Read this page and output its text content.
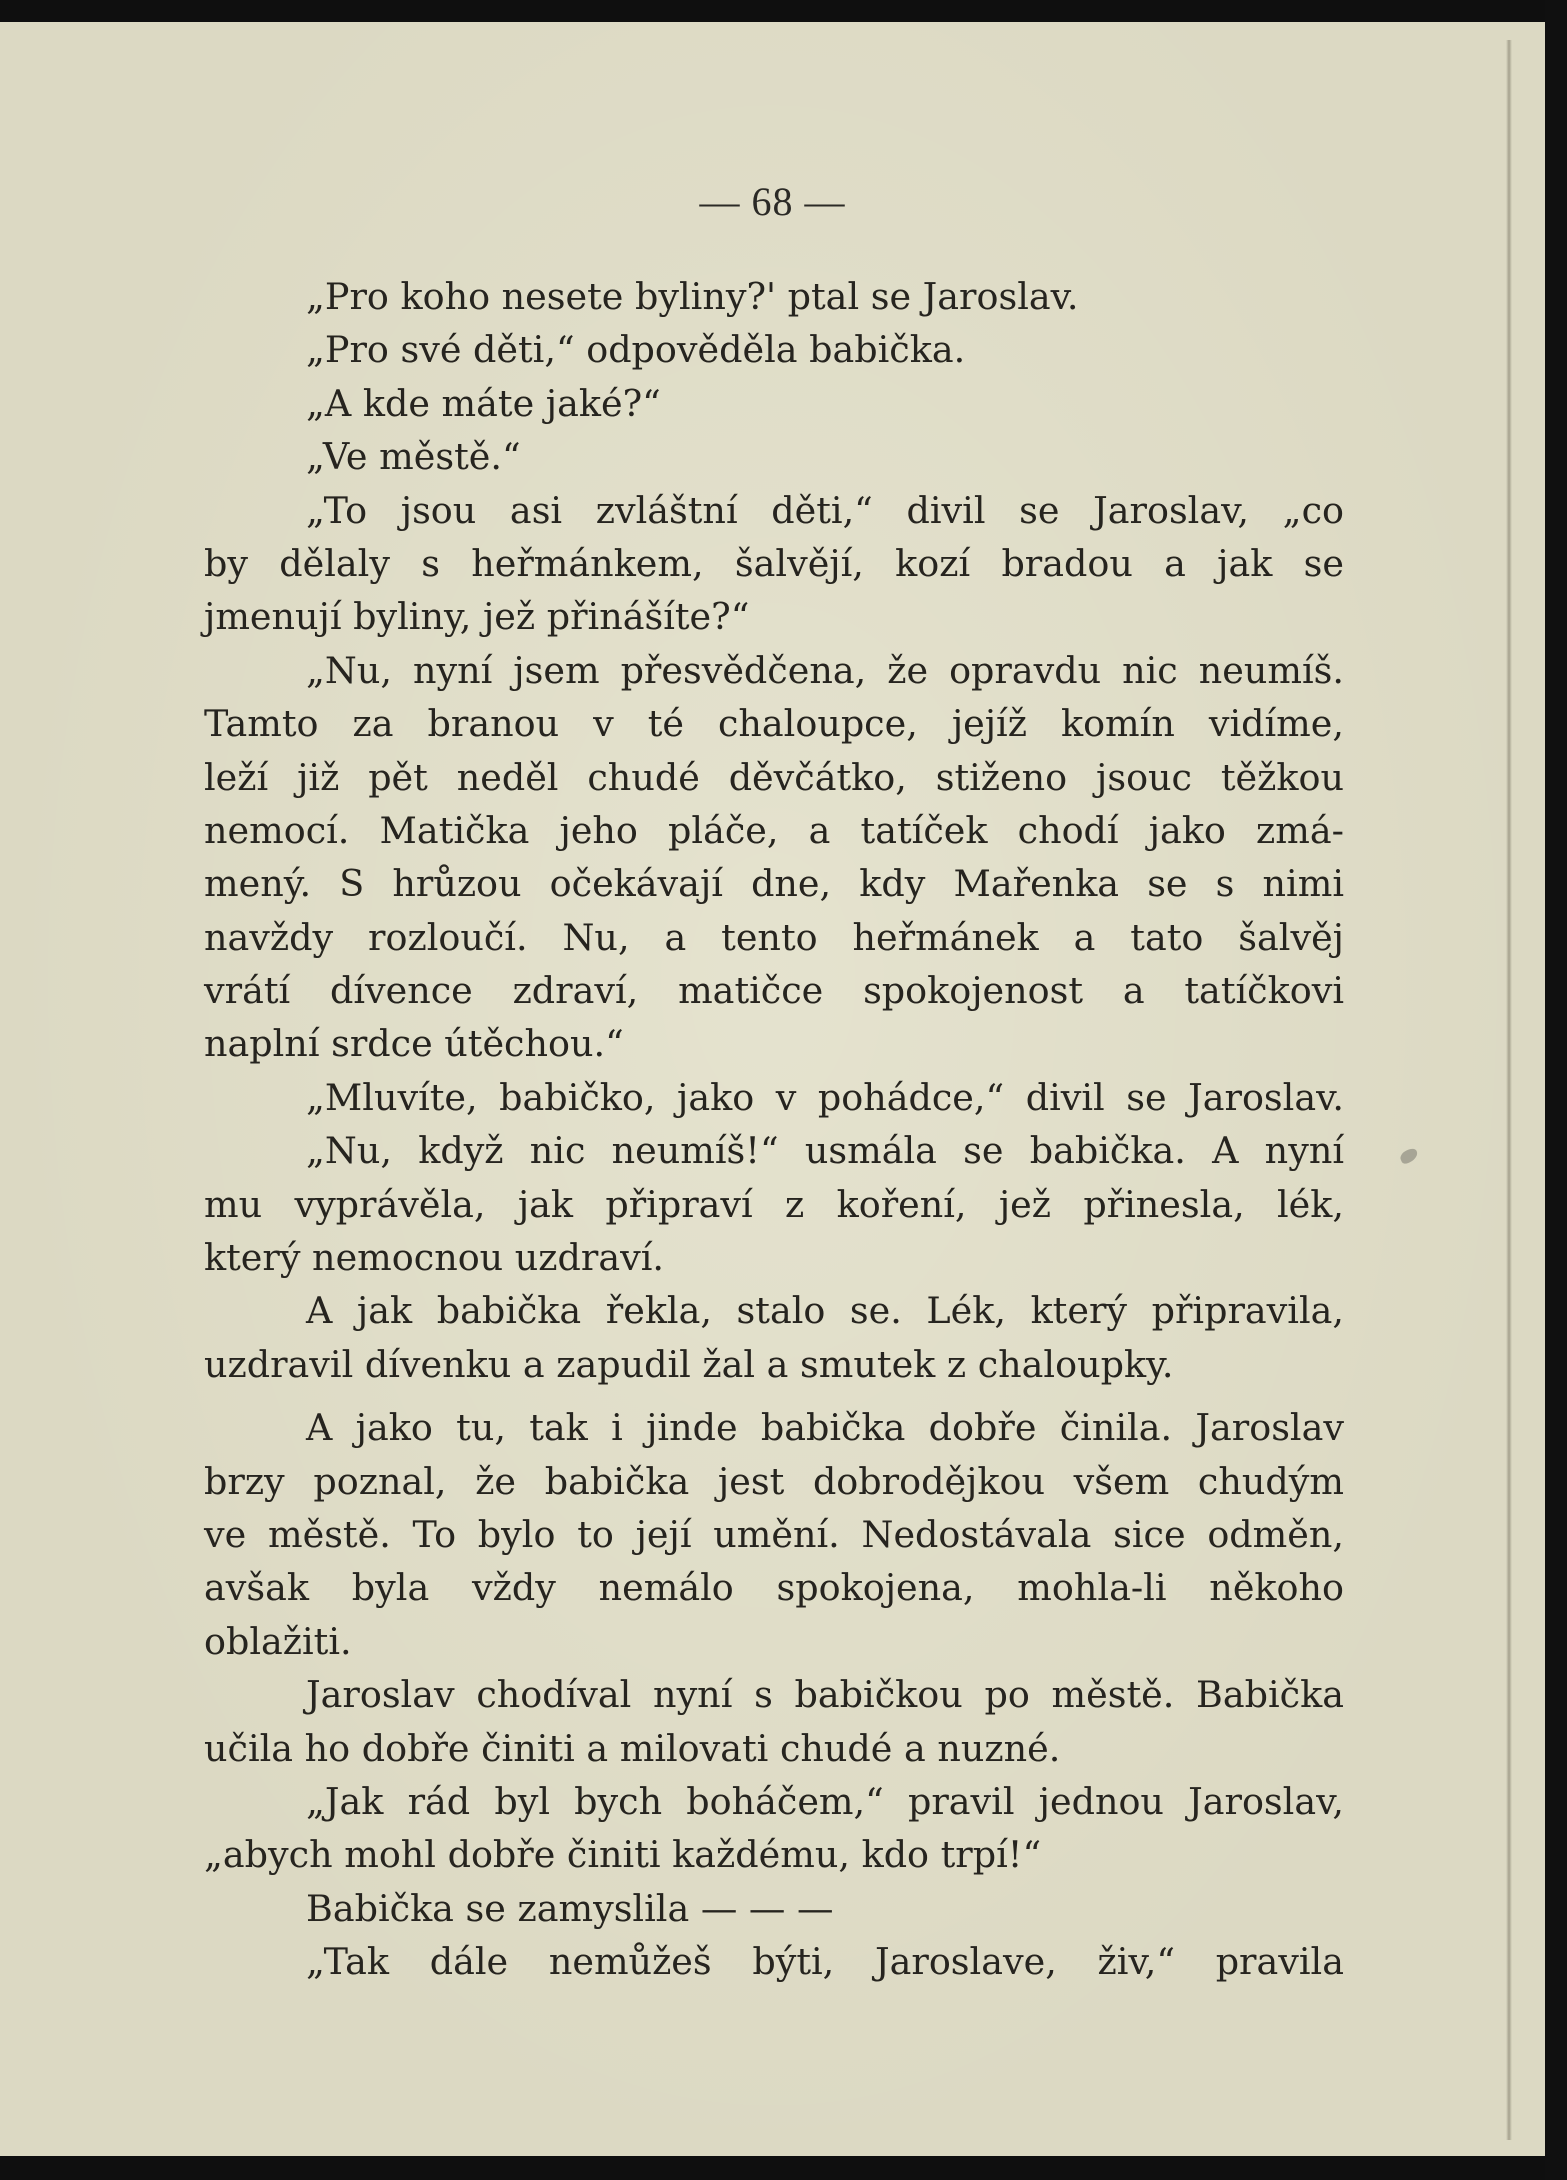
— 68 —
„Pro koho nesete byliny?' ptal se Jaroslav.
„Pro své děti,“ odpověděla babička.
„A kde máte jaké?“
„Ve městě.“
„To jsou asi zvláštní děti,“ divil se Jaroslav, „co
by dělaly s heřmánkem, šalvějí, kozí bradou a jak se
jmenují byliny, jež přinášíte?“
„Nu, nyní jsem přesvědčena, že opravdu nic neumíš.
Tamto za branou v té chaloupce, jejíž komín vidíme,
leží již pět neděl chudé děvčátko, stiženo jsouc těžkou
nemocí. Matička jeho pláče, a tatíček chodí jako zmá-
mený. S hrůzou očekávají dne, kdy Mařenka se s nimi
navždy rozloučí. Nu, a tento heřmánek a tato šalvěj
vrátí dívence zdraví, matičce spokojenost a tatíčkovi
naplní srdce útěchou.“
„Mluvíte, babičko, jako v pohádce,“ divil se Jaroslav.
„Nu, když nic neumíš!“ usmála se babička. A nyní
mu vyprávěla, jak připraví z koření, jež přinesla, lék,
který nemocnou uzdraví.
A jak babička řekla, stalo se. Lék, který připravila,
uzdravil dívenku a zapudil žal a smutek z chaloupky.
A jako tu, tak i jinde babička dobře činila. Jaroslav
brzy poznal, že babička jest dobrodějkou všem chudým
ve městě. To bylo to její umění. Nedostávala sice odměn,
avšak byla vždy nemálo spokojena, mohla-li někoho
oblažiti.
Jaroslav chodíval nyní s babičkou po městě. Babička
učila ho dobře činiti a milovati chudé a nuzné.
„Jak rád byl bych boháčem,“ pravil jednou Jaroslav,
„abych mohl dobře činiti každému, kdo trpí!“
Babička se zamyslila — — —
„Tak dále nemůžeš býti, Jaroslave, živ,“ pravila
